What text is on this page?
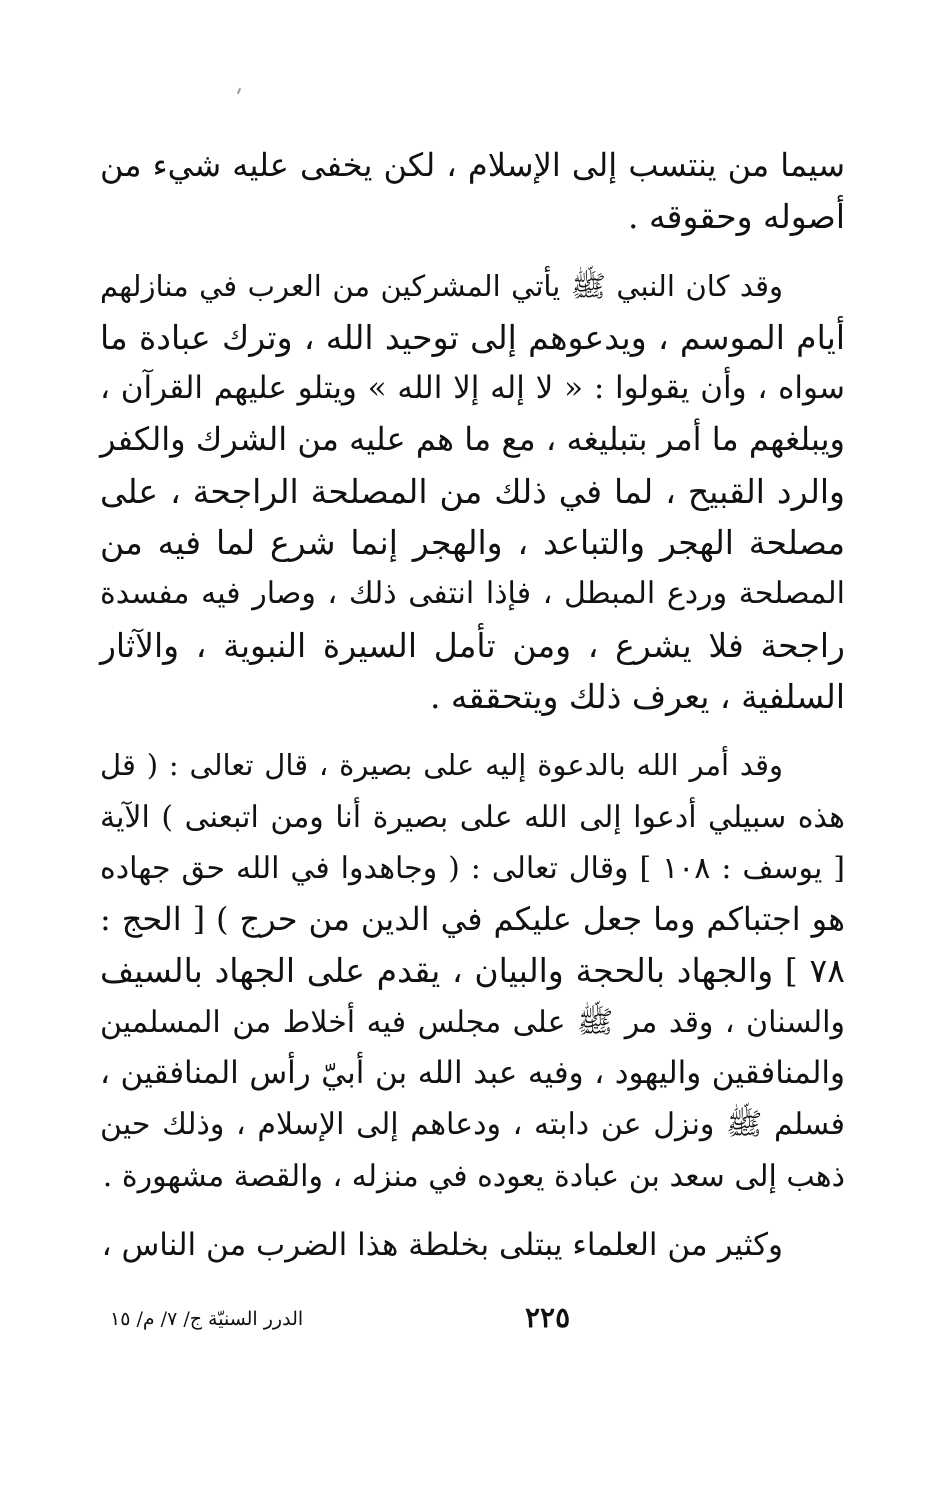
سيما من ينتسب إلى الإسلام ، لكن يخفى عليه شيء من
أصوله وحقوقه .

وقد كان النبي ﷺ يأتي المشركين من العرب في منازلهم
أيام الموسم ، ويدعوهم إلى توحيد الله ، وترك عبادة ما
سواه ، وأن يقولوا : « لا إله إلا الله » ويتلو عليهم القرآن ،
ويبلغهم ما أمر بتبليغه ، مع ما هم عليه من الشرك والكفر
والرد القبيح ، لما في ذلك من المصلحة الراجحة ، على
مصلحة الهجر والتباعد ، والهجر إنما شرع لما فيه من
المصلحة وردع المبطل ، فإذا انتفى ذلك ، وصار فيه مفسدة
راجحة فلا يشرع ، ومن تأمل السيرة النبوية ، والآثار
السلفية ، يعرف ذلك ويتحققه .

وقد أمر الله بالدعوة إليه على بصيرة ، قال تعالى : ( قل
هذه سبيلي أدعوا إلى الله على بصيرة أنا ومن اتبعنى ) الآية
[ يوسف : ١٠٨ ] وقال تعالى : ( وجاهدوا في الله حق جهاده
هو اجتباكم وما جعل عليكم في الدين من حرج ) [ الحج :
٧٨ ] والجهاد بالحجة والبيان ، يقدم على الجهاد بالسيف
والسنان ، وقد مر ﷺ على مجلس فيه أخلاط من المسلمين
والمنافقين واليهود ، وفيه عبد الله بن أبيّ رأس المنافقين ،
فسلم ﷺ ونزل عن دابته ، ودعاهم إلى الإسلام ، وذلك حين
ذهب إلى سعد بن عبادة يعوده في منزله ، والقصة مشهورة .

وكثير من العلماء يبتلى بخلطة هذا الضرب من الناس ،

٢٢٥
الدرر السنيّة ج/ ٧/ م/ ١٥
